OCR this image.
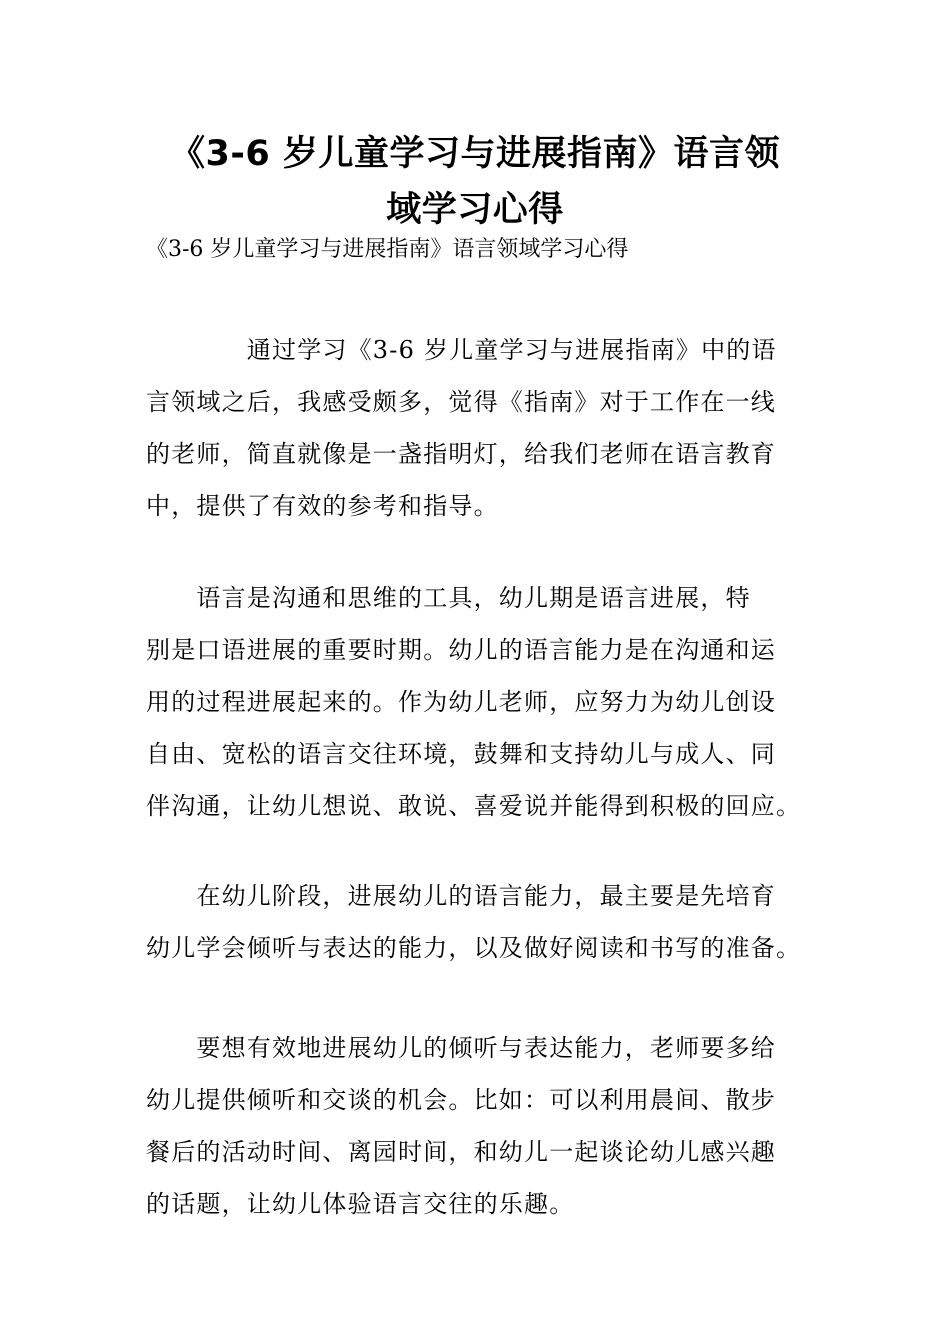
《3-6 岁儿童学习与进展指南》语言领
域学习心得

《3-6 岁儿童学习与进展指南》语言领域学习心得

　　　　通过学习《3-6 岁儿童学习与进展指南》中的语
言领域之后，我感受颇多，觉得《指南》对于工作在一线
的老师，简直就像是一盏指明灯，给我们老师在语言教育
中，提供了有效的参考和指导。

　　语言是沟通和思维的工具，幼儿期是语言进展，特
别是口语进展的重要时期。幼儿的语言能力是在沟通和运
用的过程进展起来的。作为幼儿老师，应努力为幼儿创设
自由、宽松的语言交往环境，鼓舞和支持幼儿与成人、同
伴沟通，让幼儿想说、敢说、喜爱说并能得到积极的回应。

　　在幼儿阶段，进展幼儿的语言能力，最主要是先培育
幼儿学会倾听与表达的能力，以及做好阅读和书写的准备。

　　要想有效地进展幼儿的倾听与表达能力，老师要多给
幼儿提供倾听和交谈的机会。比如：可以利用晨间、散步
餐后的活动时间、离园时间，和幼儿一起谈论幼儿感兴趣
的话题，让幼儿体验语言交往的乐趣。
